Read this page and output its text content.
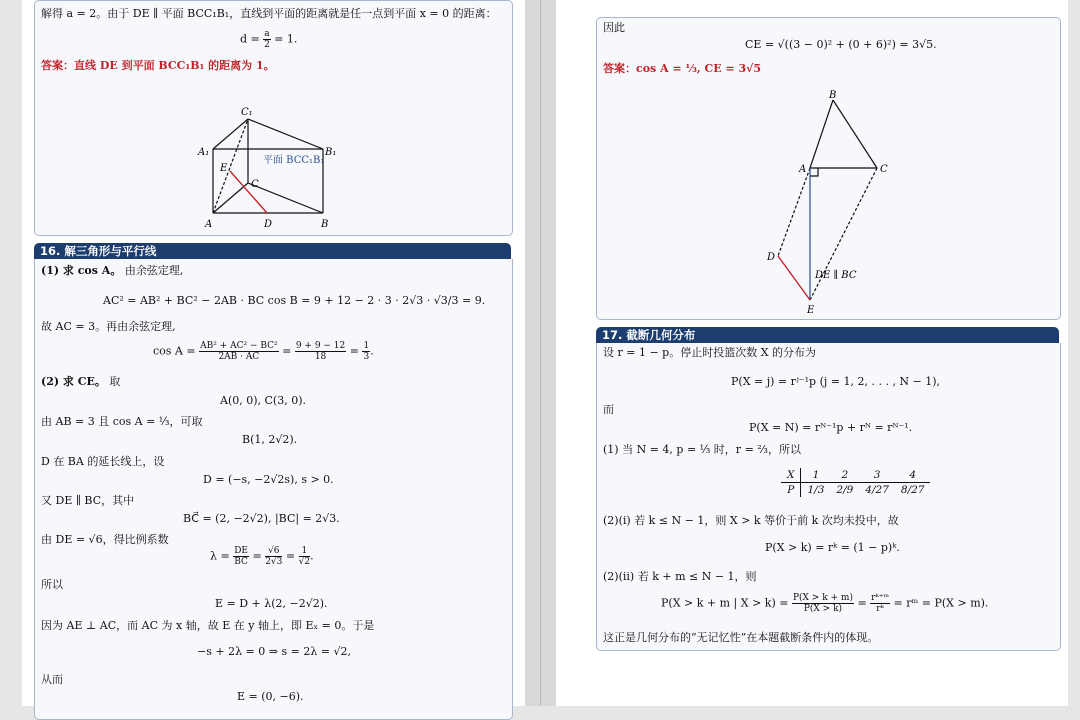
解得 a = 2。由于 DE ∥ 平面 BCC₁B₁，直线到平面的距离就是任一点到平面 x = 0 的距离：
$d = \frac{a}{2} = 1$.
答案：直线 DE 到平面 BCC₁B₁ 的距离为 1。
C₁
A₁	B₁
E
C
A	D	B
平面 BCC₁B₁
16. 解三角形与平行线
(1) 求 cos A。 由余弦定理,
AC² = AB² + BC² − 2AB · BC cos B = 9 + 12 − 2 · 3 · 2√3 · √3/3 = 9.
故 AC = 3。再由余弦定理,
$\cos A = \frac{\text{AB² + AC² − BC²}}{2AB \cdot AC} = \frac{9 + 9 - 12}{18} = \frac{1}{3}$ .
(2) 求 CE。 取
A(0, 0), C(3, 0).
由 AB = 3 且 cos A = ⅓，可取
B(1, 2√2).
D 在 BA 的延长线上，设
D = (−s, −2√2s), s > 0.
又 DE ∥ BC，其中
BC⃗ = (2, −2√2), |BC| = 2√3.
由 DE = √6，得比例系数
$\lambda = \frac{DE}{BC} = \frac{√6}{2√3} = \frac{1}{√2}$ .
所以
E = D + λ(2, −2√2).
因为 AE ⊥ AC，而 AC 为 x 轴，故 E 在 y 轴上，即 Eₓ = 0。于是
−s + 2λ = 0 ⇒ s = 2λ = √2,
从而
E = (0, −6).
因此
CE = √((3 − 0)² + (0 + 6)²) = 3√5.
答案：cos A = ⅓, CE = 3√5
B
A	C
D
E
DE ∥ BC
17. 截断几何分布
设 r = 1 − p。停止时投篮次数 X 的分布为
P(X = j) = rʲ⁻¹p (j = 1, 2, . . . , N − 1),
而
P(X = N) = rᴺ⁻¹p + rᴺ = rᴺ⁻¹.
(1) 当 N = 4, p = ⅓ 时，r = ⅔，所以
X	1	2	3	4
P	1/3	2/9	4/27	8/27
(2)(i) 若 k ≤ N − 1，则 X > k 等价于前 k 次均未投中，故
P(X > k) = rᵏ = (1 − p)ᵏ.
(2)(ii) 若 k + m ≤ N − 1，则
P(X > k + m | $X > k) = \frac{P(X > k + m)}{P(X > k)} = \frac{\text{rᵏ⁺ᵐ}}{\text{rᵏ}}$ = rᵐ = P(X > m).
这正是几何分布的“无记忆性”在本题截断条件内的体现。
